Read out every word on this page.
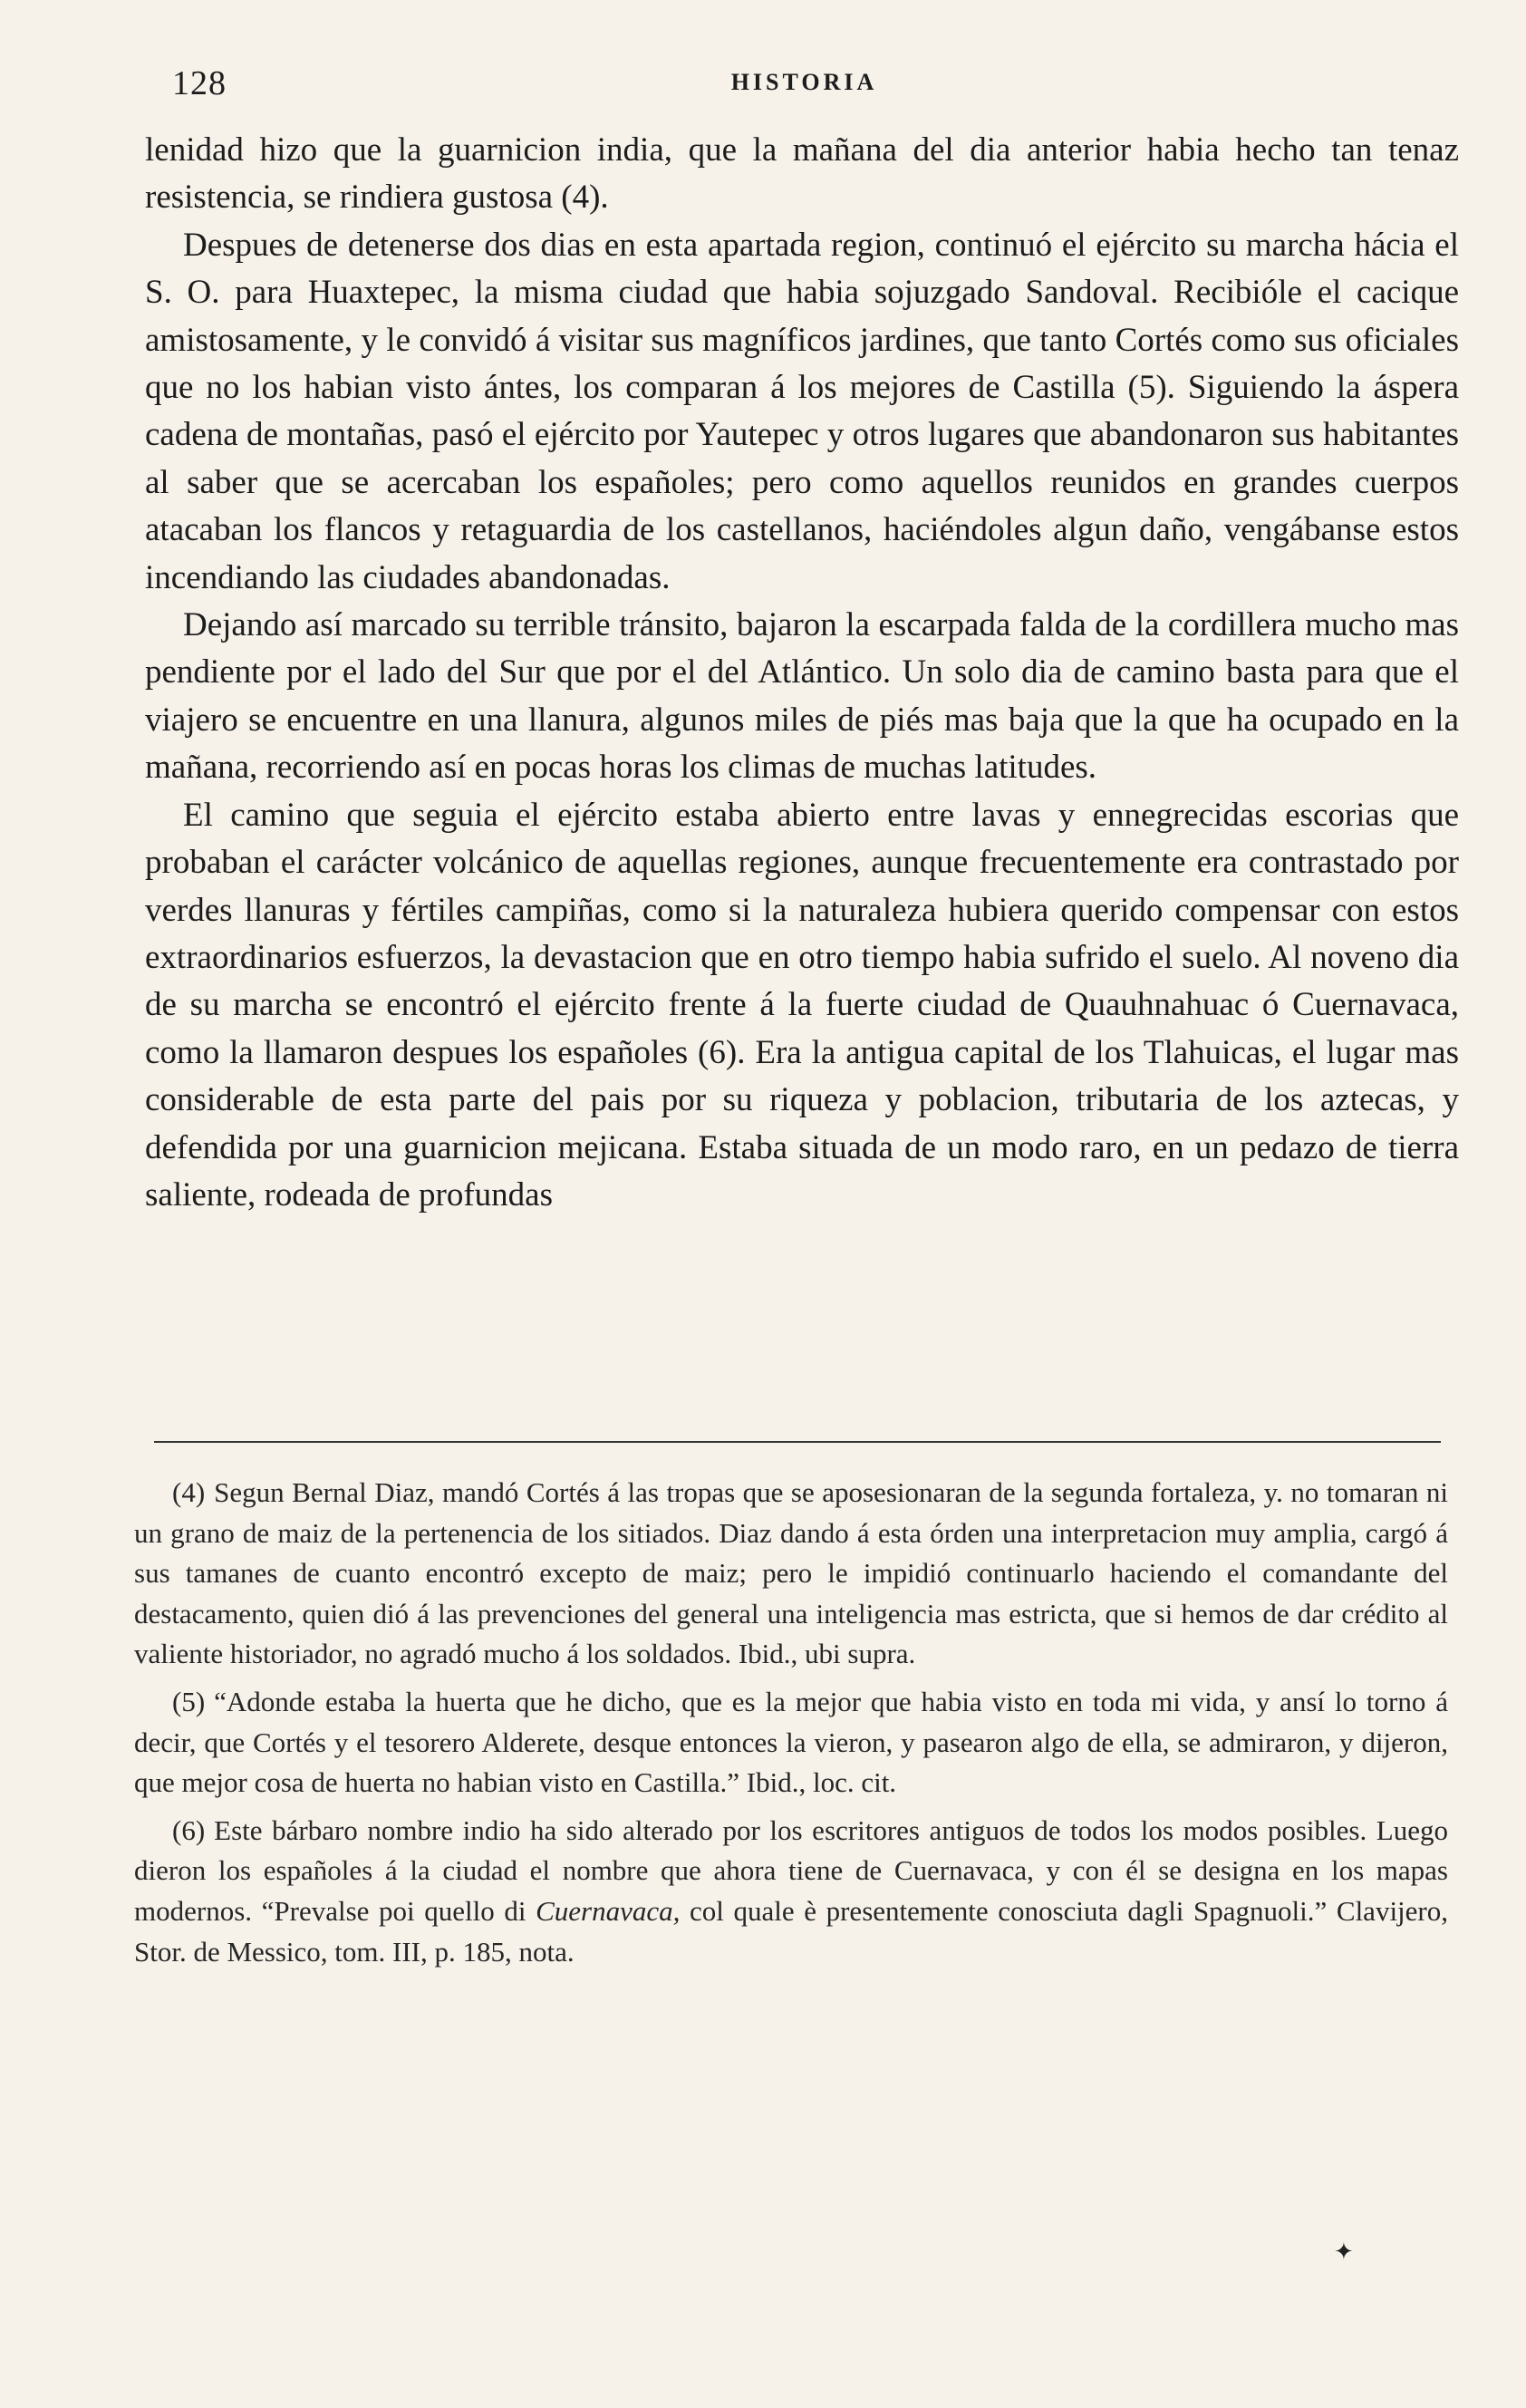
128	HISTORIA

lenidad hizo que la guarnicion india, que la mañana del dia anterior habia hecho tan tenaz resistencia, se rindiera gustosa (4).

Despues de detenerse dos dias en esta apartada region, continuó el ejército su marcha hácia el S. O. para Huaxtepec, la misma ciudad que habia sojuzgado Sandoval. Recibióle el cacique amistosamente, y le convidó á visitar sus magníficos jardines, que tanto Cortés como sus oficiales que no los habian visto ántes, los comparan á los mejores de Castilla (5). Siguiendo la áspera cadena de montañas, pasó el ejército por Yautepec y otros lugares que abandonaron sus habitantes al saber que se acercaban los españoles; pero como aquellos reunidos en grandes cuerpos atacaban los flancos y retaguardia de los castellanos, haciéndoles algun daño, vengábanse estos incendiando las ciudades abandonadas.

Dejando así marcado su terrible tránsito, bajaron la escarpada falda de la cordillera mucho mas pendiente por el lado del Sur que por el del Atlántico. Un solo dia de camino basta para que el viajero se encuentre en una llanura, algunos miles de piés mas baja que la que ha ocupado en la mañana, recorriendo así en pocas horas los climas de muchas latitudes.

El camino que seguia el ejército estaba abierto entre lavas y ennegrecidas escorias que probaban el carácter volcánico de aquellas regiones, aunque frecuentemente era contrastado por verdes llanuras y fértiles campiñas, como si la naturaleza hubiera querido compensar con estos extraordinarios esfuerzos, la devastacion que en otro tiempo habia sufrido el suelo. Al noveno dia de su marcha se encontró el ejército frente á la fuerte ciudad de Quauhnahuac ó Cuernavaca, como la llamaron despues los españoles (6). Era la antigua capital de los Tlahuicas, el lugar mas considerable de esta parte del pais por su riqueza y poblacion, tributaria de los aztecas, y defendida por una guarnicion mejicana. Estaba situada de un modo raro, en un pedazo de tierra saliente, rodeada de profundas

(4) Segun Bernal Diaz, mandó Cortés á las tropas que se aposesionaran de la segunda fortaleza, y. no tomaran ni un grano de maiz de la pertenencia de los sitiados. Diaz dando á esta órden una interpretacion muy amplia, cargó á sus tamanes de cuanto encontró excepto de maiz; pero le impidió continuarlo haciendo el comandante del destacamento, quien dió á las prevenciones del general una inteligencia mas estricta, que si hemos de dar crédito al valiente historiador, no agradó mucho á los soldados. Ibid., ubi supra.

(5) “Adonde estaba la huerta que he dicho, que es la mejor que habia visto en toda mi vida, y ansí lo torno á decir, que Cortés y el tesorero Alderete, desque entonces la vieron, y pasearon algo de ella, se admiraron, y dijeron, que mejor cosa de huerta no habian visto en Castilla.” Ibid., loc. cit.

(6) Este bárbaro nombre indio ha sido alterado por los escritores antiguos de todos los modos posibles. Luego dieron los españoles á la ciudad el nombre que ahora tiene de Cuernavaca, y con él se designa en los mapas modernos. “Prevalse poi quello di Cuernavaca, col quale è presentemente conosciuta dagli Spagnuoli.” Clavijero, Stor. de Messico, tom. III, p. 185, nota.

✦
